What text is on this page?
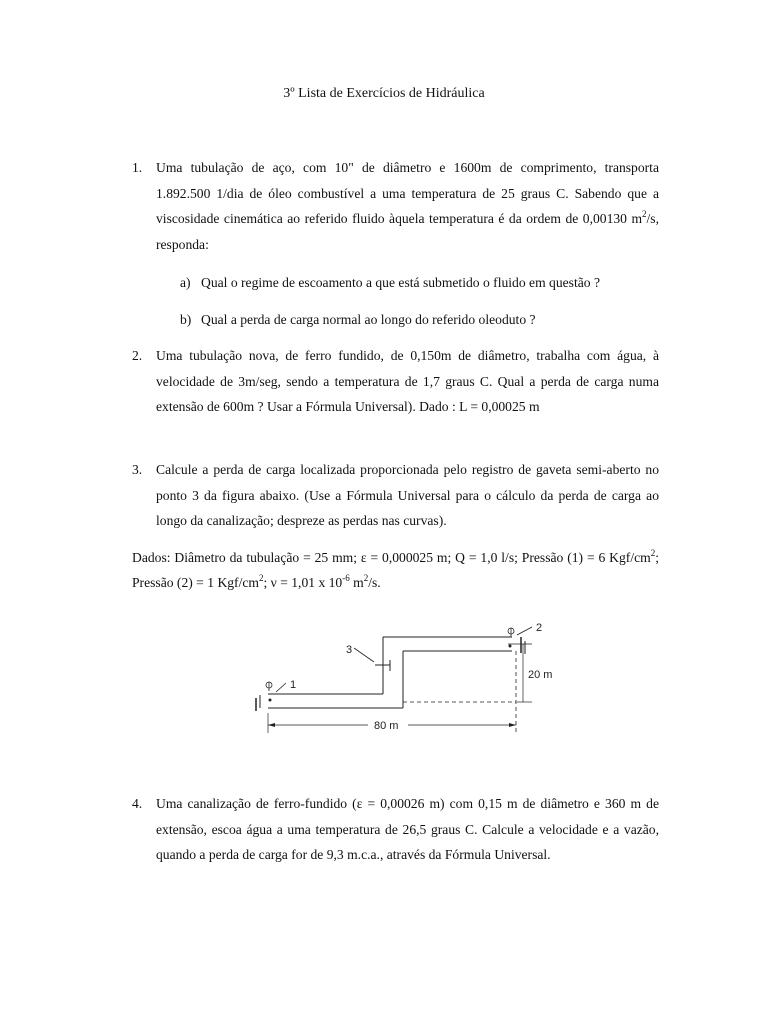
3º Lista de Exercícios de Hidráulica
1. Uma tubulação de aço, com 10" de diâmetro e 1600m de comprimento, transporta 1.892.500 1/dia de óleo combustível a uma temperatura de 25 graus C. Sabendo que a viscosidade cinemática ao referido fluido àquela temperatura é da ordem de 0,00130 $m^2/s$, responda:
a) Qual o regime de escoamento a que está submetido o fluido em questão ?
b) Qual a perda de carga normal ao longo do referido oleoduto ?
2. Uma tubulação nova, de ferro fundido, de 0,150m de diâmetro, trabalha com água, à velocidade de 3m/seg, sendo a temperatura de 1,7 graus C. Qual a perda de carga numa extensão de 600m ? Usar a Fórmula Universal). Dado : L = 0,00025 m
3. Calcule a perda de carga localizada proporcionada pelo registro de gaveta semi-aberto no ponto 3 da figura abaixo. (Use a Fórmula Universal para o cálculo da perda de carga ao longo da canalização; despreze as perdas nas curvas).
Dados: Diâmetro da tubulação = 25 mm; ε = 0,000025 m; Q = 1,0 l/s; Pressão (1) = 6 Kgf/$cm^2$; Pressão (2) = 1 Kgf/$cm^2$; ν = 1,01 x $10^{-6}$ $m^2/s$.
1
3
2
20 m
80 m
4. Uma canalização de ferro-fundido (ε = 0,00026 m) com 0,15 m de diâmetro e 360 m de extensão, escoa água a uma temperatura de 26,5 graus C. Calcule a velocidade e a vazão, quando a perda de carga for de 9,3 m.c.a., através da Fórmula Universal.
